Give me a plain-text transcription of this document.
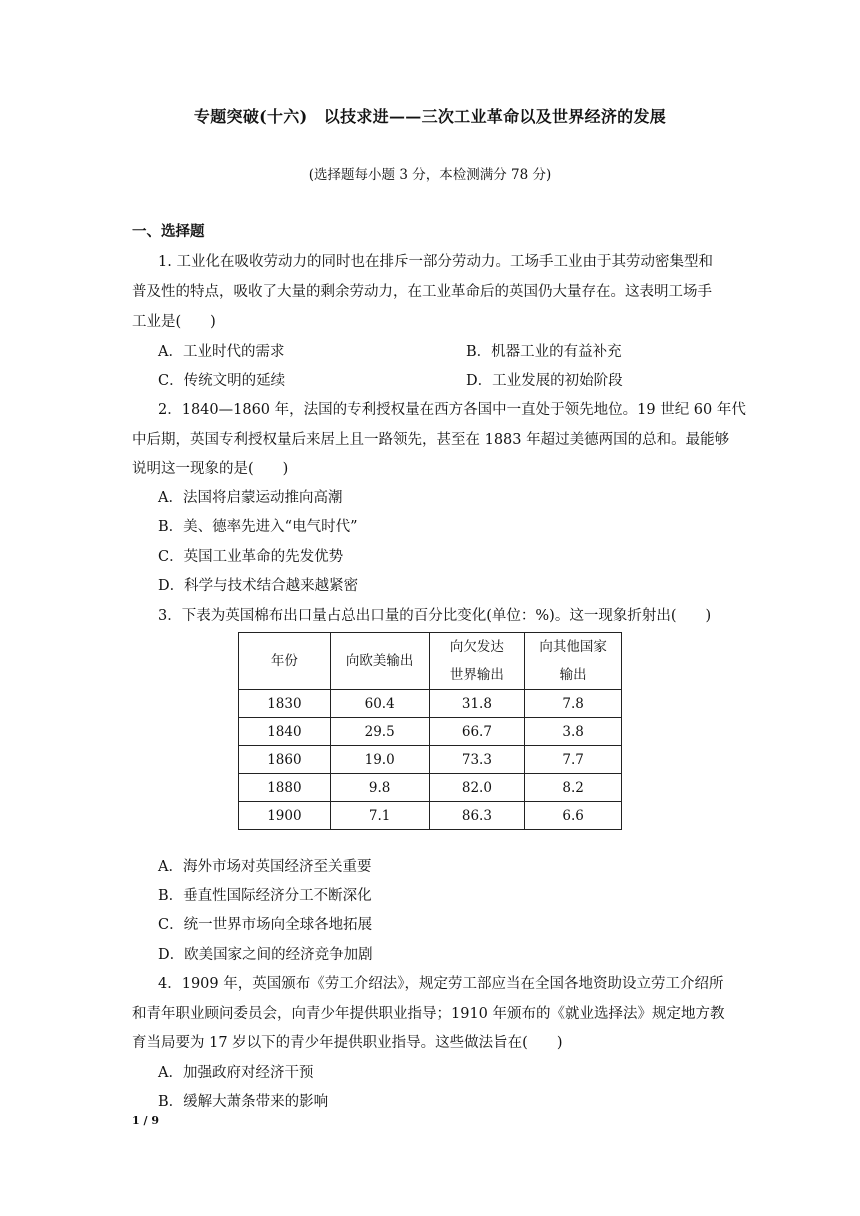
专题突破(十六)　以技求进——三次工业革命以及世界经济的发展
(选择题每小题 3 分，本检测满分 78 分)
一、选择题
1. 工业化在吸收劳动力的同时也在排斥一部分劳动力。工场手工业由于其劳动密集型和
普及性的特点，吸收了大量的剩余劳动力，在工业革命后的英国仍大量存在。这表明工场手
工业是(　　)
A．工业时代的需求	B．机器工业的有益补充
C．传统文明的延续	D．工业发展的初始阶段
2．1840—1860 年，法国的专利授权量在西方各国中一直处于领先地位。19 世纪 60 年代
中后期，英国专利授权量后来居上且一路领先，甚至在 1883 年超过美德两国的总和。最能够
说明这一现象的是(　　)
A．法国将启蒙运动推向高潮
B．美、德率先进入“电气时代”
C．英国工业革命的先发优势
D．科学与技术结合越来越紧密
3．下表为英国棉布出口量占总出口量的百分比变化(单位：%)。这一现象折射出(　　)
年份	向欧美输出	向欠发达
世界输出	向其他国家
输出
1830	60.4	31.8	7.8
1840	29.5	66.7	3.8
1860	19.0	73.3	7.7
1880	9.8	82.0	8.2
1900	7.1	86.3	6.6
A．海外市场对英国经济至关重要
B．垂直性国际经济分工不断深化
C．统一世界市场向全球各地拓展
D．欧美国家之间的经济竞争加剧
4．1909 年，英国颁布《劳工介绍法》，规定劳工部应当在全国各地资助设立劳工介绍所
和青年职业顾问委员会，向青少年提供职业指导；1910 年颁布的《就业选择法》规定地方教
育当局要为 17 岁以下的青少年提供职业指导。这些做法旨在(　　)
A．加强政府对经济干预
B．缓解大萧条带来的影响
1 / 9
